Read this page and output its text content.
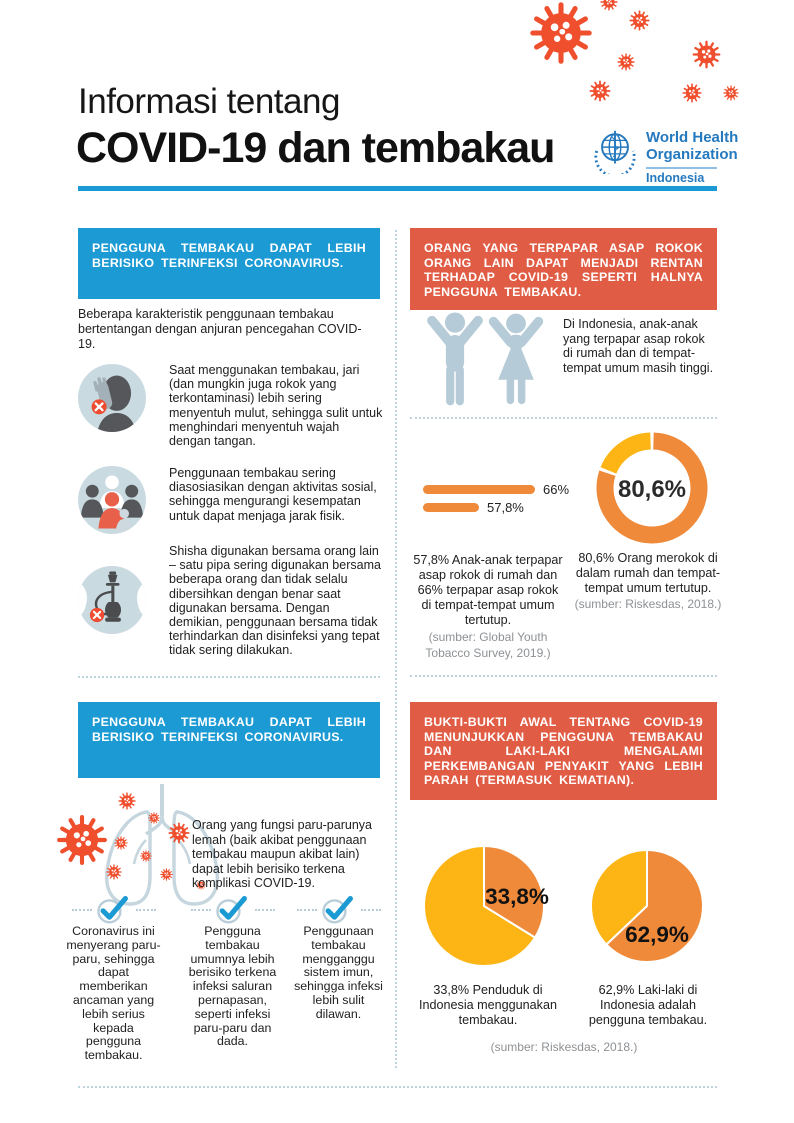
Informasi tentang
COVID-19 dan tembakau	World Health
Organization
Indonesia
PENGGUNA TEMBAKAU DAPAT LEBIH BERISIKO TERINFEKSI CORONAVIRUS.
Beberapa karakteristik penggunaan tembakau bertentangan dengan anjuran pencegahan COVID-19.
Saat menggunakan tembakau, jari (dan mungkin juga rokok yang terkontaminasi) lebih sering menyentuh mulut, sehingga sulit untuk menghindari menyentuh wajah dengan tangan.
Penggunaan tembakau sering diasosiasikan dengan aktivitas sosial, sehingga mengurangi kesempatan untuk dapat menjaga jarak fisik.
Shisha digunakan bersama orang lain – satu pipa sering digunakan bersama beberapa orang dan tidak selalu dibersihkan dengan benar saat digunakan bersama. Dengan demikian, penggunaan bersama tidak terhindarkan dan disinfeksi yang tepat tidak sering dilakukan.
PENGGUNA TEMBAKAU DAPAT LEBIH BERISIKO TERINFEKSI CORONAVIRUS.
Orang yang fungsi paru-parunya lemah (baik akibat penggunaan tembakau maupun akibat lain) dapat lebih berisiko terkena komplikasi COVID-19.
Coronavirus ini menyerang paru-paru, sehingga dapat memberikan ancaman yang lebih serius kepada pengguna tembakau.
Pengguna tembakau umumnya lebih berisiko terkena infeksi saluran pernapasan, seperti infeksi paru-paru dan dada.
Penggunaan tembakau mengganggu sistem imun, sehingga infeksi lebih sulit dilawan.
ORANG YANG TERPAPAR ASAP ROKOK ORANG LAIN DAPAT MENJADI RENTAN TERHADAP COVID-19 SEPERTI HALNYA PENGGUNA TEMBAKAU.
Di Indonesia, anak-anak yang terpapar asap rokok di rumah dan di tempat-tempat umum masih tinggi.
66%
57,8%
80,6%
57,8% Anak-anak terpapar asap rokok di rumah dan 66% terpapar asap rokok di tempat-tempat umum tertutup.
(sumber: Global Youth Tobacco Survey, 2019.)
80,6% Orang merokok di dalam rumah dan tempat-tempat umum tertutup.
(sumber: Riskesdas, 2018.)
BUKTI-BUKTI AWAL TENTANG COVID-19 MENUNJUKKAN PENGGUNA TEMBAKAU DAN LAKI-LAKI MENGALAMI PERKEMBANGAN PENYAKIT YANG LEBIH PARAH (TERMASUK KEMATIAN).
33,8%
62,9%
33,8% Penduduk di Indonesia menggunakan tembakau.
62,9% Laki-laki di Indonesia adalah pengguna tembakau.
(sumber: Riskesdas, 2018.)
